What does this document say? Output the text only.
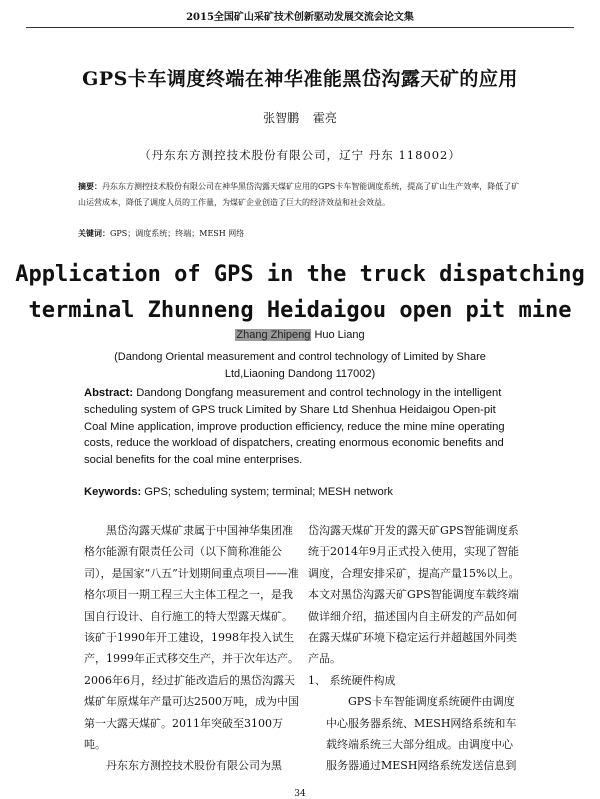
2015全国矿山采矿技术创新驱动发展交流会论文集
GPS卡车调度终端在神华准能黑岱沟露天矿的应用
张智鹏 霍亮
（丹东东方测控技术股份有限公司，辽宁 丹东 118002）
摘要：丹东东方测控技术股份有限公司在神华黑岱沟露天煤矿应用的GPS卡车智能调度系统，提高了矿山生产效率，降低了矿山运营成本，降低了调度人员的工作量，为煤矿企业创造了巨大的经济效益和社会效益。
关键词：GPS；调度系统；终端；MESH 网络
Application of GPS in the truck dispatching
terminal Zhunneng Heidaigou open pit mine
Zhang Zhipeng Huo Liang
(Dandong Oriental measurement and control technology of Limited by Share
Ltd,Liaoning Dandong 117002)
Abstract: Dandong Dongfang measurement and control technology in the intelligent scheduling system of GPS truck Limited by Share Ltd Shenhua Heidaigou Open-pit Coal Mine application, improve production efficiency, reduce the mine mine operating costs, reduce the workload of dispatchers, creating enormous economic benefits and social benefits for the coal mine enterprises.
Keywords: GPS; scheduling system; terminal; MESH network

黑岱沟露天煤矿隶属于中国神华集团准格尔能源有限责任公司（以下简称准能公司），是国家“八五”计划期间重点项目——准格尔项目一期工程三大主体工程之一，是我国自行设计、自行施工的特大型露天煤矿。该矿于1990年开工建设，1998年投入试生产，1999年正式移交生产，并于次年达产。2006年6月，经过扩能改造后的黑岱沟露天煤矿年原煤年产量可达2500万吨，成为中国第一大露天煤矿。2011年突破至3100万吨。

丹东东方测控技术股份有限公司为黑

岱沟露天煤矿开发的露天矿GPS智能调度系统于2014年9月正式投入使用，实现了智能调度，合理安排采矿，提高产量15%以上。本文对黑岱沟露天矿GPS智能调度车载终端做详细介绍，描述国内自主研发的产品如何在露天煤矿环境下稳定运行并超越国外同类产品。

1、 系统硬件构成

GPS卡车智能调度系统硬件由调度中心服务器系统、MESH网络系统和车载终端系统三大部分组成。由调度中心服务器通过MESH网络系统发送信息到

34
